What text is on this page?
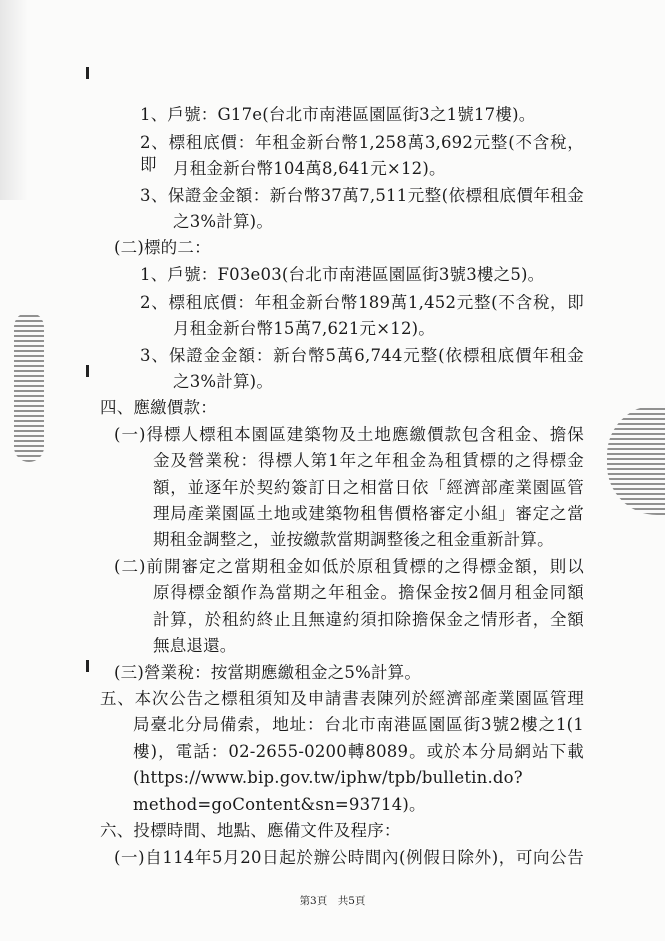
1、戶號：G17e(台北市南港區園區街3之1號17樓)。
2、標租底價：年租金新台幣1,258萬3,692元整(不含稅，即 月租金新台幣104萬8,641元×12)。
3、保證金金額：新台幣37萬7,511元整(依標租底價年租金
之3%計算)。
(二)標的二：
1、戶號：F03e03(台北市南港區園區街3號3樓之5)。
2、標租底價：年租金新台幣189萬1,452元整(不含稅，即
月租金新台幣15萬7,621元×12)。
3、保證金金額：新台幣5萬6,744元整(依標租底價年租金
之3%計算)。
四、應繳價款：
(一)得標人標租本園區建築物及土地應繳價款包含租金、擔保
金及營業稅：得標人第1年之年租金為租賃標的之得標金
額，並逐年於契約簽訂日之相當日依「經濟部產業園區管
理局產業園區土地或建築物租售價格審定小組」審定之當
期租金調整之，並按繳款當期調整後之租金重新計算。
(二)前開審定之當期租金如低於原租賃標的之得標金額，則以
原得標金額作為當期之年租金。擔保金按2個月租金同額
計算，於租約終止且無違約須扣除擔保金之情形者，全額
無息退還。
(三)營業稅：按當期應繳租金之5%計算。
五、本次公告之標租須知及申請書表陳列於經濟部產業園區管理
局臺北分局備索，地址：台北市南港區園區街3號2樓之1(1
樓)，電話：02-2655-0200轉8089。或於本分局網站下載
(https://www.bip.gov.tw/iphw/tpb/bulletin.do?
method=goContent&sn=93714)。
六、投標時間、地點、應備文件及程序：
(一)自114年5月20日起於辦公時間內(例假日除外)，可向公告
第3頁　共5頁
